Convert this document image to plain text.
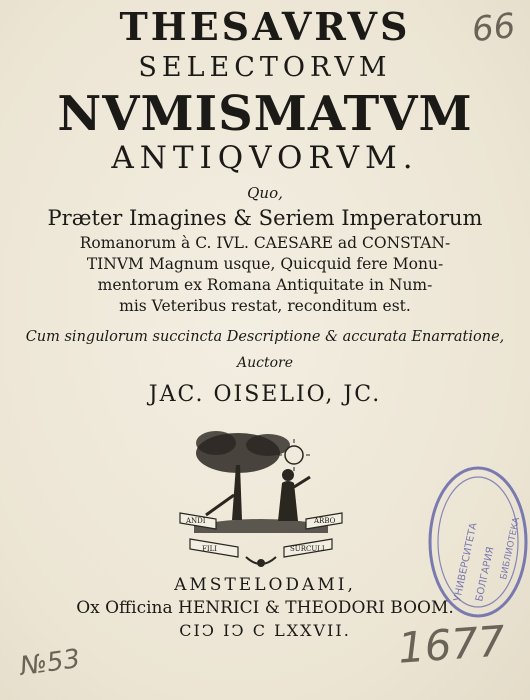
THESAVRVS
SELECTORVM
NVMISMATVM
ANTIQVORVM.
Quo,
Præter Imagines & Seriem Imperatorum
Romanorum à C. IVL. CAESARE ad CONSTAN-
TINVM Magnum usque, Quicquid fere Monu-
mentorum ex Romana Antiquitate in Num-
mis Veteribus restat, reconditum est.
Cum singulorum succincta Descriptione & accurata Enarratione,
Auctore
JAC. OISELIO, JC.
ANDI	ARBO
FILI	SURCULI
AMSTELODAMI,
Ox Officina HENRICI & THEODORI BOOM.
CIↃ IↃ C LXXVII.
УНИВЕРСИТЕТА
БОЛГАРИЯ БИБЛИОТЕКА
66
№53	1677
